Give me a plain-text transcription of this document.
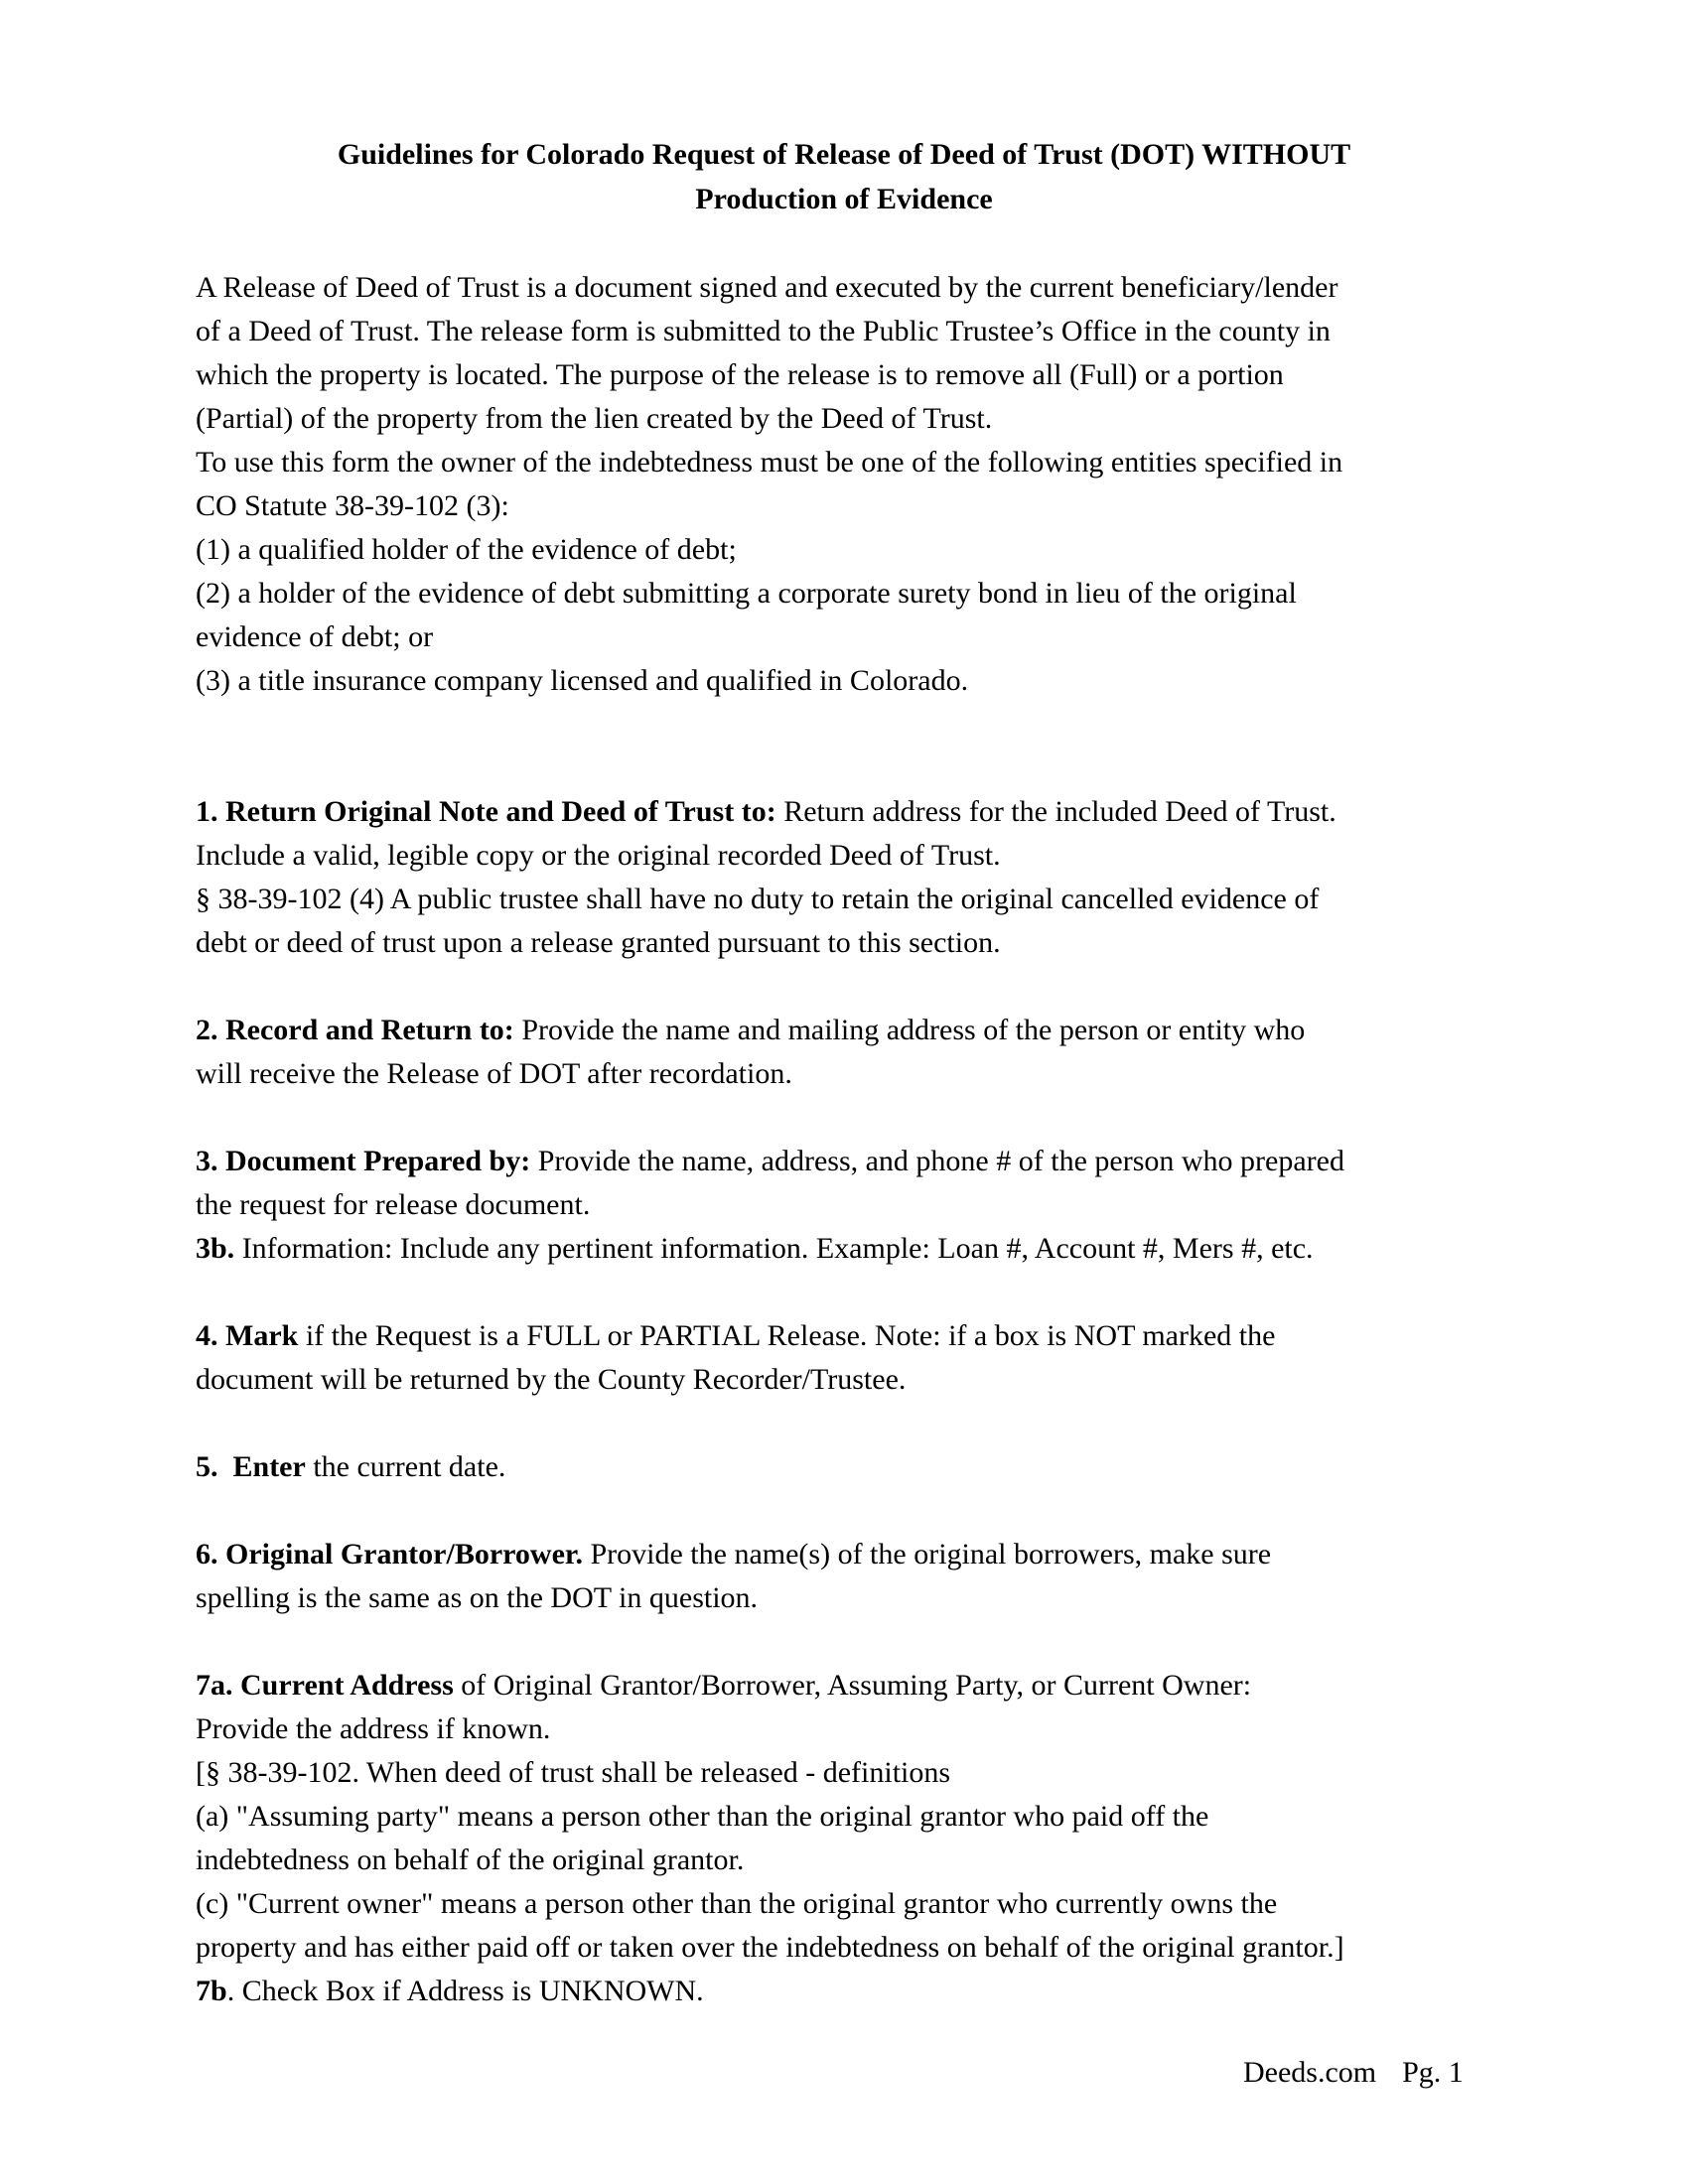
Guidelines for Colorado Request of Release of Deed of Trust (DOT) WITHOUT
Production of Evidence
A Release of Deed of Trust is a document signed and executed by the current beneficiary/lender
of a Deed of Trust. The release form is submitted to the Public Trustee’s Office in the county in
which the property is located. The purpose of the release is to remove all (Full) or a portion
(Partial) of the property from the lien created by the Deed of Trust.
To use this form the owner of the indebtedness must be one of the following entities specified in
CO Statute 38-39-102 (3):
(1) a qualified holder of the evidence of debt;
(2) a holder of the evidence of debt submitting a corporate surety bond in lieu of the original
evidence of debt; or
(3) a title insurance company licensed and qualified in Colorado.
1. Return Original Note and Deed of Trust to: Return address for the included Deed of Trust.
Include a valid, legible copy or the original recorded Deed of Trust.
§ 38-39-102 (4) A public trustee shall have no duty to retain the original cancelled evidence of
debt or deed of trust upon a release granted pursuant to this section.
2. Record and Return to: Provide the name and mailing address of the person or entity who
will receive the Release of DOT after recordation.
3. Document Prepared by: Provide the name, address, and phone # of the person who prepared
the request for release document.
3b. Information: Include any pertinent information. Example: Loan #, Account #, Mers #, etc.
4. Mark if the Request is a FULL or PARTIAL Release. Note: if a box is NOT marked the
document will be returned by the County Recorder/Trustee.
5.  Enter the current date.
6. Original Grantor/Borrower. Provide the name(s) of the original borrowers, make sure
spelling is the same as on the DOT in question.
7a. Current Address of Original Grantor/Borrower, Assuming Party, or Current Owner:
Provide the address if known.
[§ 38-39-102. When deed of trust shall be released - definitions
(a) "Assuming party" means a person other than the original grantor who paid off the
indebtedness on behalf of the original grantor.
(c) "Current owner" means a person other than the original grantor who currently owns the
property and has either paid off or taken over the indebtedness on behalf of the original grantor.]
7b. Check Box if Address is UNKNOWN.
Deeds.com Pg. 1
